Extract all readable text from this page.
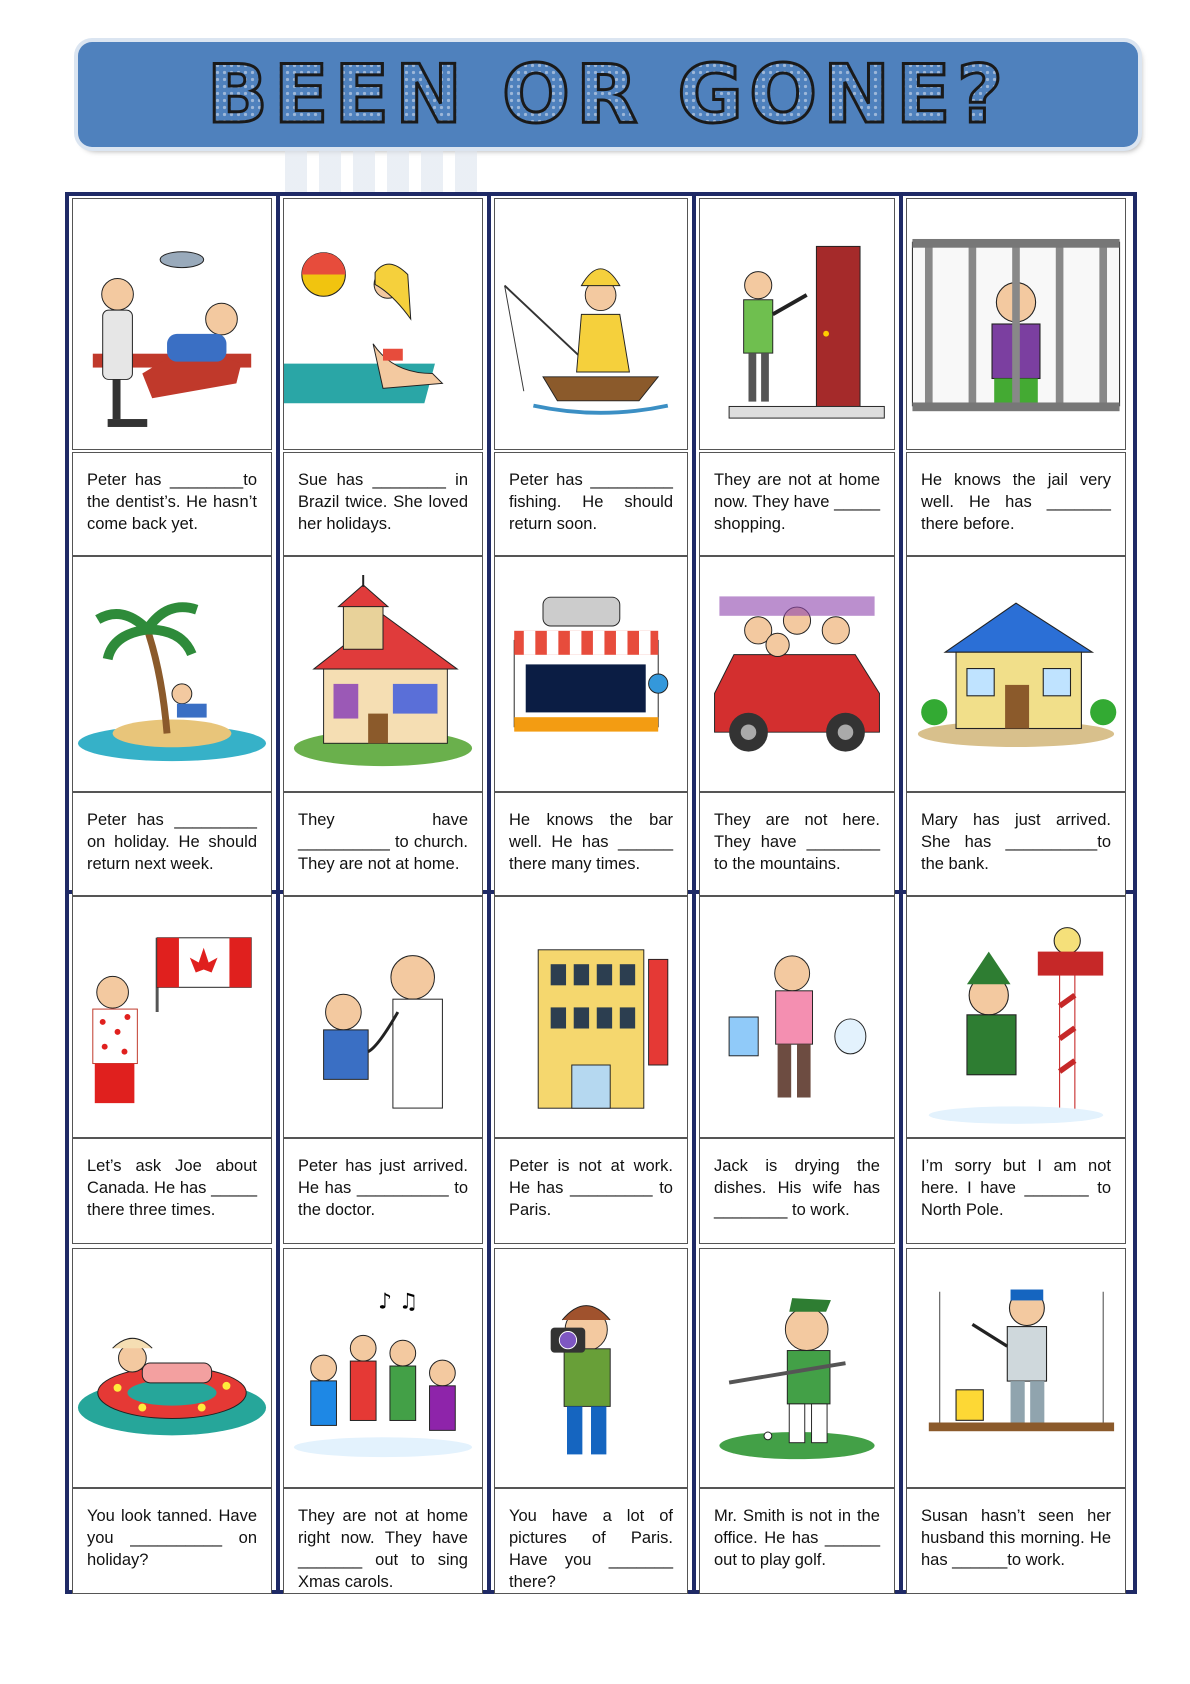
BEEN OR GONE?
Peter has ________to the dentist’s. He hasn’t come back yet.
Sue has ________ in Brazil twice. She loved her holidays.
Peter has _________ fishing. He should return soon.
They are not at home now. They have _____ shopping.
He knows the jail very well. He has _______ there before.
Peter has _________ on holiday. He should return next week.
They have __________ to church. They are not at home.
He knows the bar well. He has ______ there many times.
They are not here. They have ________ to the mountains.
Mary has just arrived. She has __________to the bank.
Let’s ask Joe about Canada. He has _____ there three times.
Peter has just arrived. He has __________ to the doctor.
Peter is not at work. He has _________ to Paris.
Jack is drying the dishes. His wife has ________ to work.
I’m sorry but I am not here. I have _______ to North Pole.
You look tanned. Have you __________ on holiday?
♪ ♫
They are not at home right now. They have _______ out to sing Xmas carols.
You have a lot of pictures of Paris. Have you _______ there?
Mr. Smith is not in the office. He has ______ out to play golf.
Susan hasn’t seen her husband this morning. He has ______to work.
